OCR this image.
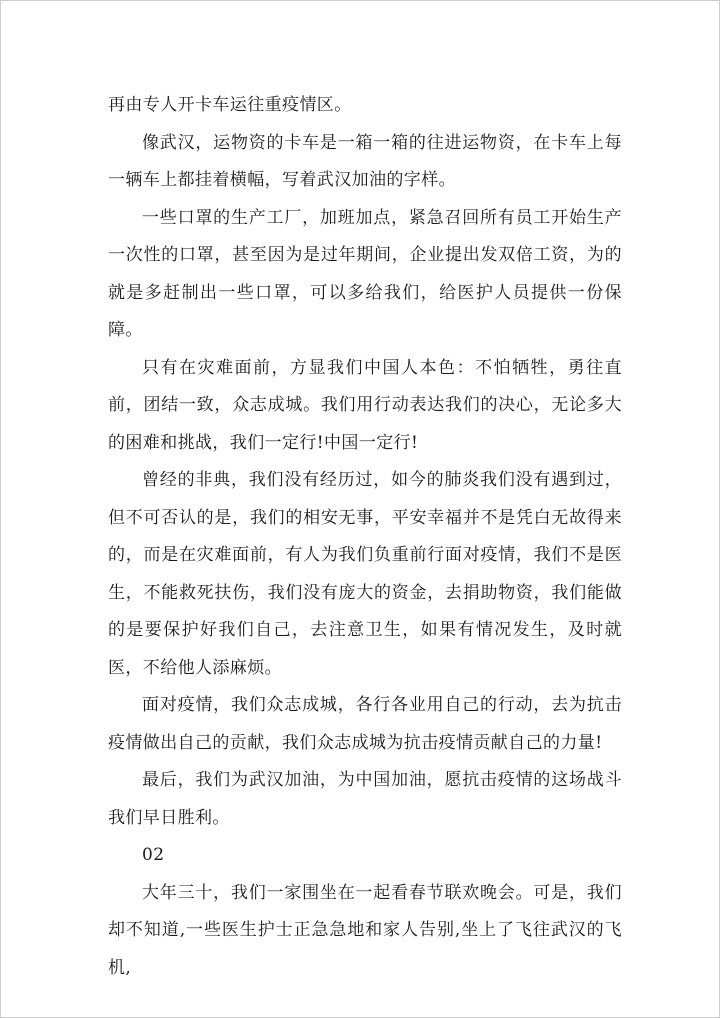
再由专人开卡车运往重疫情区。

像武汉，运物资的卡车是一箱一箱的往进运物资，在卡车上每一辆车上都挂着横幅，写着武汉加油的字样。

一些口罩的生产工厂，加班加点，紧急召回所有员工开始生产一次性的口罩，甚至因为是过年期间，企业提出发双倍工资，为的就是多赶制出一些口罩，可以多给我们，给医护人员提供一份保障。

只有在灾难面前，方显我们中国人本色：不怕牺牲，勇往直前，团结一致，众志成城。我们用行动表达我们的决心，无论多大的困难和挑战，我们一定行!中国一定行!

曾经的非典，我们没有经历过，如今的肺炎我们没有遇到过，但不可否认的是，我们的相安无事，平安幸福并不是凭白无故得来的，而是在灾难面前，有人为我们负重前行面对疫情，我们不是医生，不能救死扶伤，我们没有庞大的资金，去捐助物资，我们能做的是要保护好我们自己，去注意卫生，如果有情况发生，及时就医，不给他人添麻烦。

面对疫情，我们众志成城，各行各业用自己的行动，去为抗击疫情做出自己的贡献，我们众志成城为抗击疫情贡献自己的力量!

最后，我们为武汉加油，为中国加油，愿抗击疫情的这场战斗我们早日胜利。

02

大年三十，我们一家围坐在一起看春节联欢晚会。可是，我们却不知道,一些医生护士正急急地和家人告别,坐上了飞往武汉的飞机,
